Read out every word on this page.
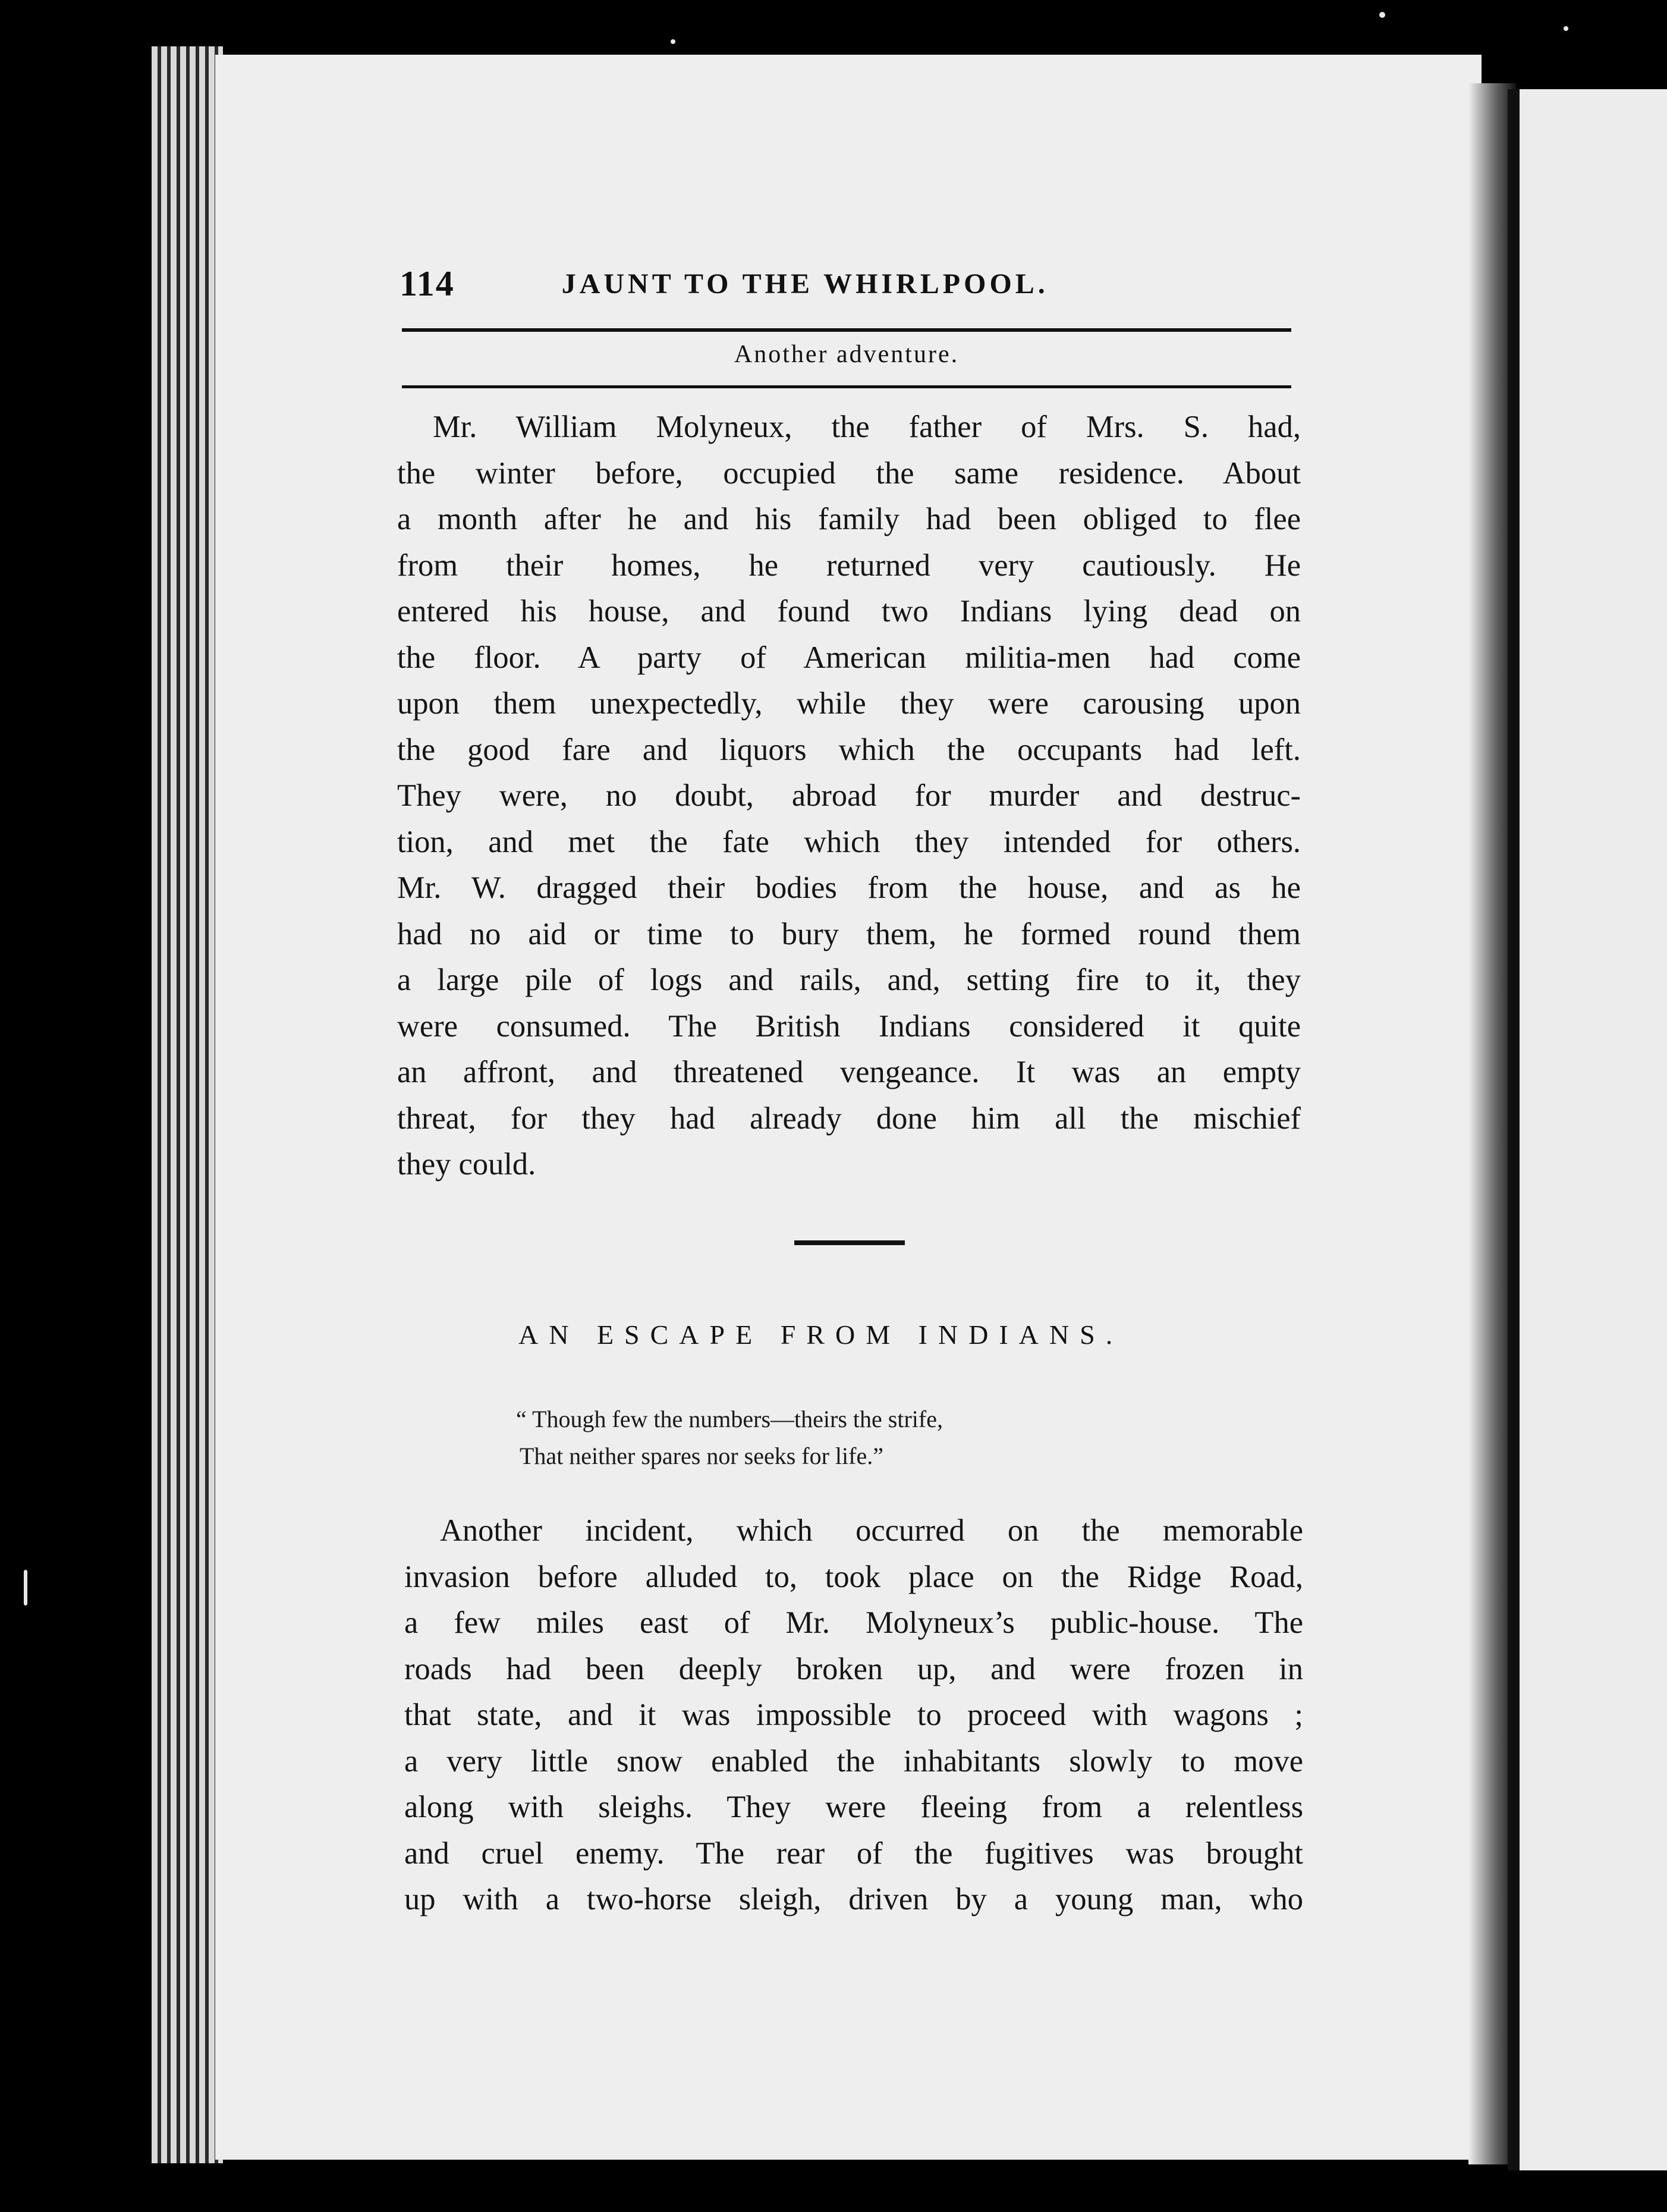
114	JAUNT TO THE WHIRLPOOL.
Another adventure.
Mr. William Molyneux, the father of Mrs. S. had,
the winter before, occupied the same residence. About
a month after he and his family had been obliged to flee
from their homes, he returned very cautiously. He
entered his house, and found two Indians lying dead on
the floor. A party of American militia-men had come
upon them unexpectedly, while they were carousing upon
the good fare and liquors which the occupants had left.
They were, no doubt, abroad for murder and destruc-
tion, and met the fate which they intended for others.
Mr. W. dragged their bodies from the house, and as he
had no aid or time to bury them, he formed round them
a large pile of logs and rails, and, setting fire to it, they
were consumed. The British Indians considered it quite
an affront, and threatened vengeance. It was an empty
threat, for they had already done him all the mischief
they could.
AN ESCAPE FROM INDIANS.
“ Though few the numbers—theirs the strife,
That neither spares nor seeks for life.”
Another incident, which occurred on the memorable
invasion before alluded to, took place on the Ridge Road,
a few miles east of Mr. Molyneux’s public-house. The
roads had been deeply broken up, and were frozen in
that state, and it was impossible to proceed with wagons ;
a very little snow enabled the inhabitants slowly to move
along with sleighs. They were fleeing from a relentless
and cruel enemy. The rear of the fugitives was brought
up with a two-horse sleigh, driven by a young man, who
